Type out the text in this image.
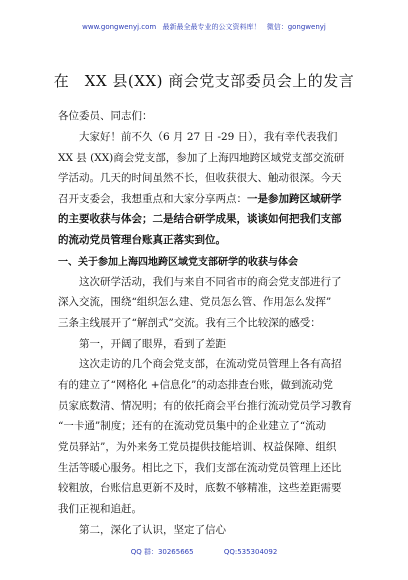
www.gongwenyj.com 最新最全最专业的公文资料库！ 微信：gongwenyj
在　XX 县(XX) 商会党支部委员会上的发言
各位委员、同志们：
大家好！前不久（6 月 27 日 -29 日），我有幸代表我们
XX 县 (XX)商会党支部，参加了上海四地跨区域党支部交流研
学活动。几天的时间虽然不长，但收获很大、触动很深。今天
召开支委会，我想重点和大家分享两点：一是参加跨区域研学
的主要收获与体会；二是结合研学成果，谈谈如何把我们支部
的流动党员管理台账真正落实到位。
一、关于参加上海四地跨区域党支部研学的收获与体会
这次研学活动，我们与来自不同省市的商会党支部进行了
深入交流，围绕“组织怎么建、党员怎么管、作用怎么发挥”
三条主线展开了“解剖式”交流。我有三个比较深的感受：
第一，开阔了眼界，看到了差距
这次走访的几个商会党支部，在流动党员管理上各有高招
有的建立了“网格化 +信息化”的动态排查台账，做到流动党
员家底数清、情况明；有的依托商会平台推行流动党员学习教育
“一卡通”制度；还有的在流动党员集中的企业建立了“流动
党员驿站”，为外来务工党员提供技能培训、权益保障、组织
生活等暖心服务。相比之下，我们支部在流动党员管理上还比
较粗放，台账信息更新不及时，底数不够精准，这些差距需要
我们正视和追赶。
第二，深化了认识，坚定了信心
QQ 群：30265665	QQ:535304092
